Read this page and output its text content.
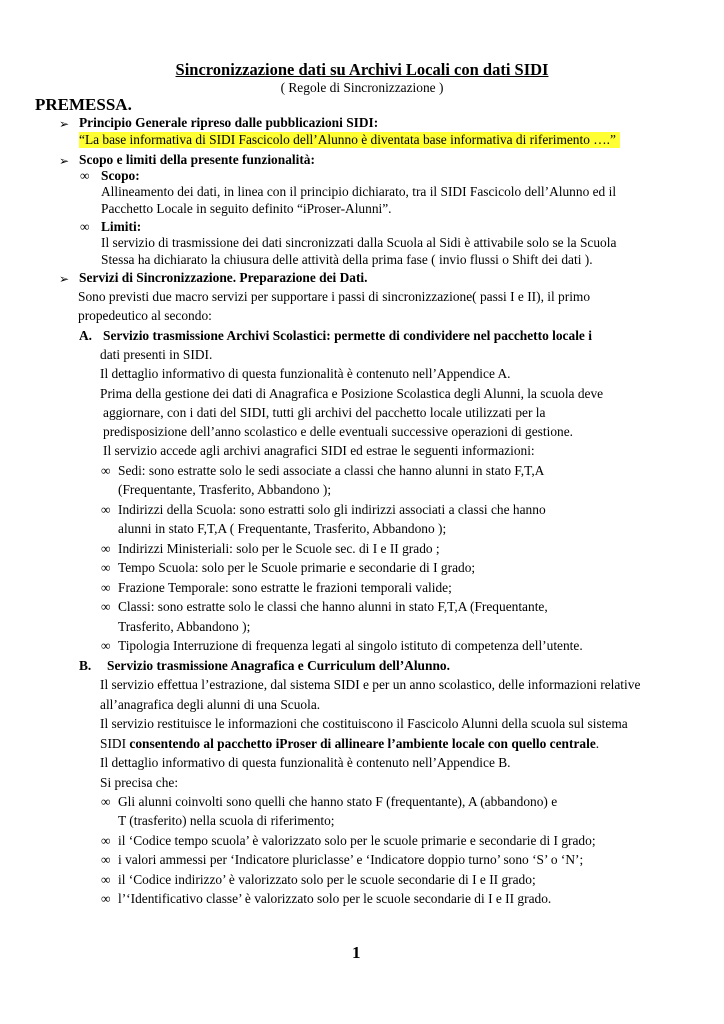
Sincronizzazione dati su Archivi Locali con dati SIDI
( Regole di Sincronizzazione )
PREMESSA.
➢ Principio Generale ripreso dalle pubblicazioni SIDI:
“La base informativa di SIDI Fascicolo dell’Alunno è diventata base informativa di riferimento ….”
➢ Scopo e limiti della presente funzionalità:
∞ Scopo:
Allineamento dei dati, in linea con il principio dichiarato, tra il SIDI Fascicolo dell’Alunno ed il
Pacchetto Locale in seguito definito “iProser-Alunni”.
∞ Limiti:
Il servizio di trasmissione dei dati sincronizzati dalla Scuola al Sidi è attivabile solo se la Scuola
Stessa ha dichiarato la chiusura delle attività della prima fase ( invio flussi o Shift dei dati ).
➢ Servizi di Sincronizzazione. Preparazione dei Dati.
Sono previsti due macro servizi per supportare i passi di sincronizzazione( passi I e II), il primo
propedeutico al secondo:
A. Servizio trasmissione Archivi Scolastici: permette di condividere nel pacchetto locale i
dati presenti in SIDI.
Il dettaglio informativo di questa funzionalità è contenuto nell’Appendice A.
Prima della gestione dei dati di Anagrafica e Posizione Scolastica degli Alunni, la scuola deve
aggiornare, con i dati del SIDI, tutti gli archivi del pacchetto locale utilizzati per la
predisposizione dell’anno scolastico e delle eventuali successive operazioni di gestione.
Il servizio accede agli archivi anagrafici SIDI ed estrae le seguenti informazioni:
∞ Sedi: sono estratte solo le sedi associate a classi che hanno alunni in stato F,T,A
(Frequentante, Trasferito, Abbandono );
∞ Indirizzi della Scuola: sono estratti solo gli indirizzi associati a classi che hanno
alunni in stato F,T,A ( Frequentante, Trasferito, Abbandono );
∞ Indirizzi Ministeriali: solo per le Scuole sec. di I e II grado ;
∞ Tempo Scuola: solo per le Scuole primarie e secondarie di I grado;
∞ Frazione Temporale: sono estratte le frazioni temporali valide;
∞ Classi: sono estratte solo le classi che hanno alunni in stato F,T,A (Frequentante,
Trasferito, Abbandono );
∞ Tipologia Interruzione di frequenza legati al singolo istituto di competenza dell’utente.
B. Servizio trasmissione Anagrafica e Curriculum dell’Alunno.
Il servizio effettua l’estrazione, dal sistema SIDI e per un anno scolastico, delle informazioni relative
all’anagrafica degli alunni di una Scuola.
Il servizio restituisce le informazioni che costituiscono il Fascicolo Alunni della scuola sul sistema
SIDI consentendo al pacchetto iProser di allineare l’ambiente locale con quello centrale.
Il dettaglio informativo di questa funzionalità è contenuto nell’Appendice B.
Si precisa che:
∞ Gli alunni coinvolti sono quelli che hanno stato F (frequentante), A (abbandono) e
T (trasferito) nella scuola di riferimento;
∞ il ‘Codice tempo scuola’ è valorizzato solo per le scuole primarie e secondarie di I grado;
∞ i valori ammessi per ‘Indicatore pluriclasse’ e ‘Indicatore doppio turno’ sono ‘S’ o ‘N’;
∞ il ‘Codice indirizzo’ è valorizzato solo per le scuole secondarie di I e II grado;
∞ l’‘Identificativo classe’ è valorizzato solo per le scuole secondarie di I e II grado.
1
